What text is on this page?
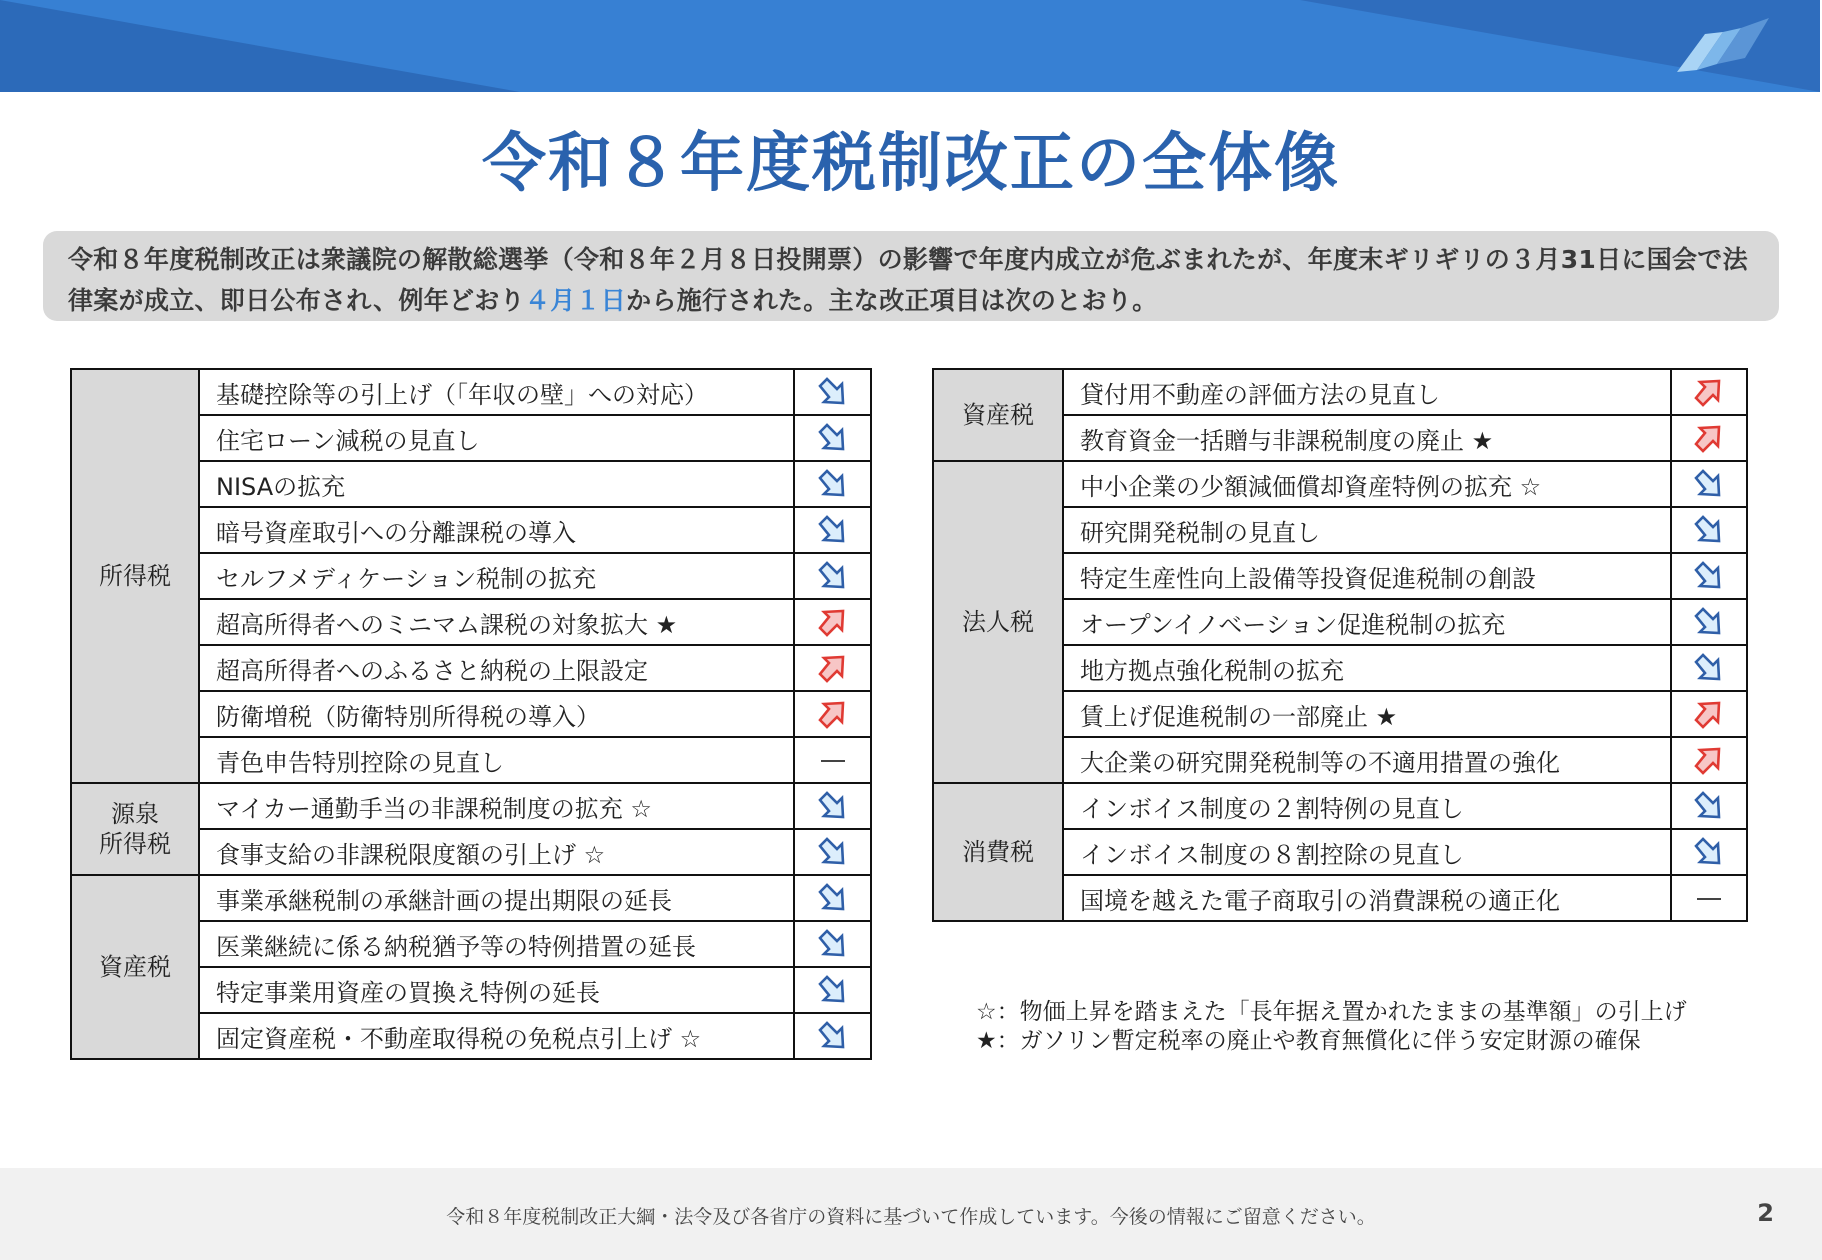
令和８年度税制改正の全体像
令和８年度税制改正は衆議院の解散総選挙（令和８年２月８日投開票）の影響で年度内成立が危ぶまれたが、年度末ギリギリの３月31日に国会で法律案が成立、即日公布され、例年どおり４月１日から施行された。主な改正項目は次のとおり。
所得税	基礎控除等の引上げ（「年収の壁」への対応）	

	住宅ローン減税の見直し	

	NISAの拡充	

	暗号資産取引への分離課税の導入	

	セルフメディケーション税制の拡充	

	超高所得者へのミニマム課税の対象拡大 ★	

	超高所得者へのふるさと納税の上限設定	

	防衛増税（防衛特別所得税の導入）	

	青色申告特別控除の見直し	

源泉
所得税	マイカー通勤手当の非課税制度の拡充 ☆	

	食事支給の非課税限度額の引上げ ☆	

資産税	事業承継税制の承継計画の提出期限の延長	

	医業継続に係る納税猶予等の特例措置の延長	

	特定事業用資産の買換え特例の延長	

	固定資産税・不動産取得税の免税点引上げ ☆	
資産税	貸付用不動産の評価方法の見直し	

	教育資金一括贈与非課税制度の廃止 ★	

法人税	中小企業の少額減価償却資産特例の拡充 ☆	

	研究開発税制の見直し	

	特定生産性向上設備等投資促進税制の創設	

	オープンイノベーション促進税制の拡充	

	地方拠点強化税制の拡充	

	賃上げ促進税制の一部廃止 ★	

	大企業の研究開発税制等の不適用措置の強化	

消費税	インボイス制度の２割特例の見直し	

	インボイス制度の８割控除の見直し	

	国境を越えた電子商取引の消費課税の適正化	
☆：物価上昇を踏まえた「長年据え置かれたままの基準額」の引上げ
★：ガソリン暫定税率の廃止や教育無償化に伴う安定財源の確保
令和８年度税制改正大綱・法令及び各省庁の資料に基づいて作成しています。今後の情報にご留意ください。	2
